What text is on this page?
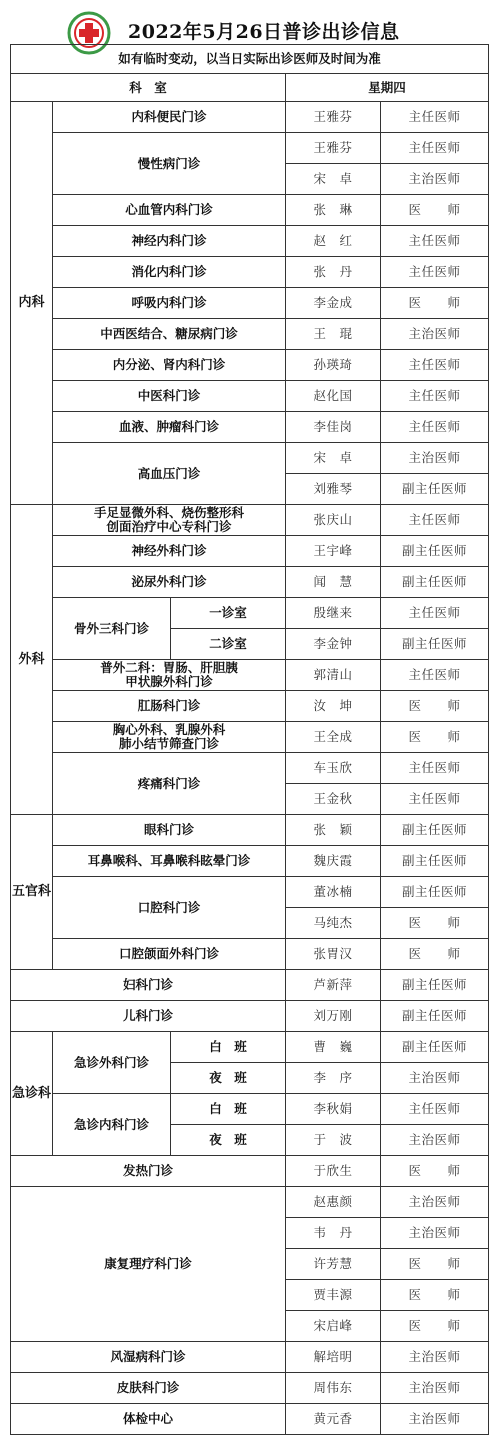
2022年5月26日普诊出诊信息
如有临时变动，以当日实际出诊医师及时间为准				
科　室			星期四	
内科	内科便民门诊		王雅芬	主任医师
	慢性病门诊		王雅芬	主任医师
			宋　卓	主治医师
	心血管内科门诊		张　琳	医　　师
	神经内科门诊		赵　红	主任医师
	消化内科门诊		张　丹	主任医师
	呼吸内科门诊		李金成	医　　师
	中西医结合、糖尿病门诊		王　琨	主治医师
	内分泌、肾内科门诊		孙瑛琦	主任医师
	中医科门诊		赵化国	主任医师
	血液、肿瘤科门诊		李佳岗	主任医师
	高血压门诊		宋　卓	主治医师
			刘雅琴	副主任医师
外科	手足显微外科、烧伤整形科
创面治疗中心专科门诊		张庆山	主任医师
	神经外科门诊		王宇峰	副主任医师
	泌尿外科门诊		闻　慧	副主任医师
	骨外三科门诊	一诊室	殷继来	主任医师
		二诊室	李金钟	副主任医师
	普外二科：胃肠、肝胆胰
甲状腺外科门诊		郭清山	主任医师
	肛肠科门诊		汝　坤	医　　师
	胸心外科、乳腺外科
肺小结节筛查门诊		王全成	医　　师
	疼痛科门诊		车玉欣	主任医师
			王金秋	主任医师
五官科	眼科门诊		张　颖	副主任医师
	耳鼻喉科、耳鼻喉科眩晕门诊		魏庆霞	副主任医师
	口腔科门诊		董冰楠	副主任医师
			马纯杰	医　　师
	口腔颌面外科门诊		张胃汉	医　　师
妇科门诊			芦新萍	副主任医师
儿科门诊			刘万刚	副主任医师
急诊科	急诊外科门诊	白　班	曹　巍	副主任医师
		夜　班	李　序	主治医师
	急诊内科门诊	白　班	李秋娟	主任医师
		夜　班	于　波	主治医师
发热门诊			于欣生	医　　师
康复理疗科门诊			赵惠颜	主治医师
			韦　丹	主治医师
			许芳慧	医　　师
			贾丰源	医　　师
			宋启峰	医　　师
风湿病科门诊			解培明	主治医师
皮肤科门诊			周伟东	主治医师
体检中心			黄元香	主治医师
